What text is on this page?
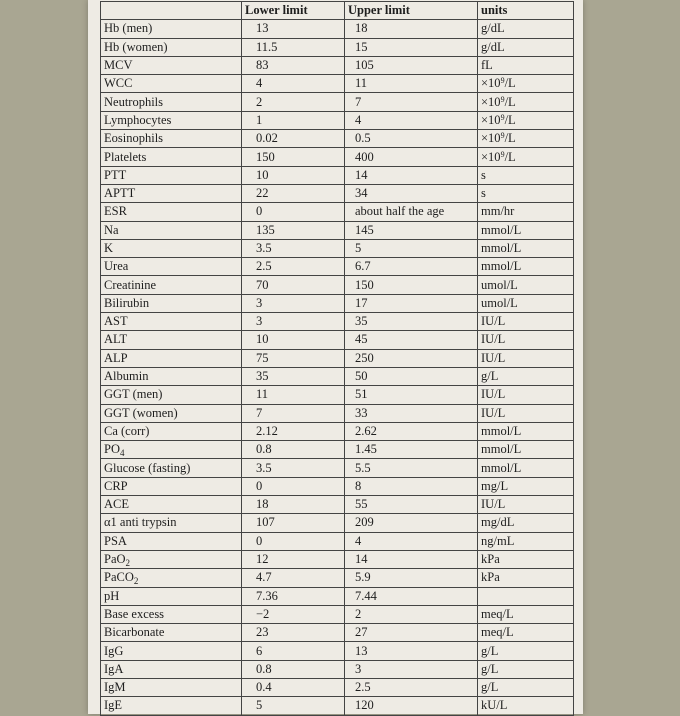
	Lower limit	Upper limit	units
Hb (men)	13	18	g/dL
Hb (women)	11.5	15	g/dL
MCV	83	105	fL
WCC	4	11	$\times 10^9/L$
Neutrophils	2	7	$\times 10^9/L$
Lymphocytes	1	4	$\times 10^9/L$
Eosinophils	0.02	0.5	$\times 10^9/L$
Platelets	150	400	$\times 10^9/L$
PTT	10	14	s
APTT	22	34	s
ESR	0	about half the age	mm/hr
Na	135	145	mmol/L
K	3.5	5	mmol/L
Urea	2.5	6.7	mmol/L
Creatinine	70	150	umol/L
Bilirubin	3	17	umol/L
AST	3	35	IU/L
ALT	10	45	IU/L
ALP	75	250	IU/L
Albumin	35	50	g/L
GGT (men)	11	51	IU/L
GGT (women)	7	33	IU/L
Ca (corr)	2.12	2.62	mmol/L
$PO_4$	0.8	1.45	mmol/L
Glucose (fasting)	3.5	5.5	mmol/L
CRP	0	8	mg/L
ACE	18	55	IU/L
α1 anti trypsin	107	209	mg/dL
PSA	0	4	ng/mL
PaO$_2$	12	14	kPa
PaCO$_2$	4.7	5.9	kPa
pH	7.36	7.44	
Base excess	−2	2	meq/L
Bicarbonate	23	27	meq/L
IgG	6	13	g/L
IgA	0.8	3	g/L
IgM	0.4	2.5	g/L
IgE	5	120	kU/L
